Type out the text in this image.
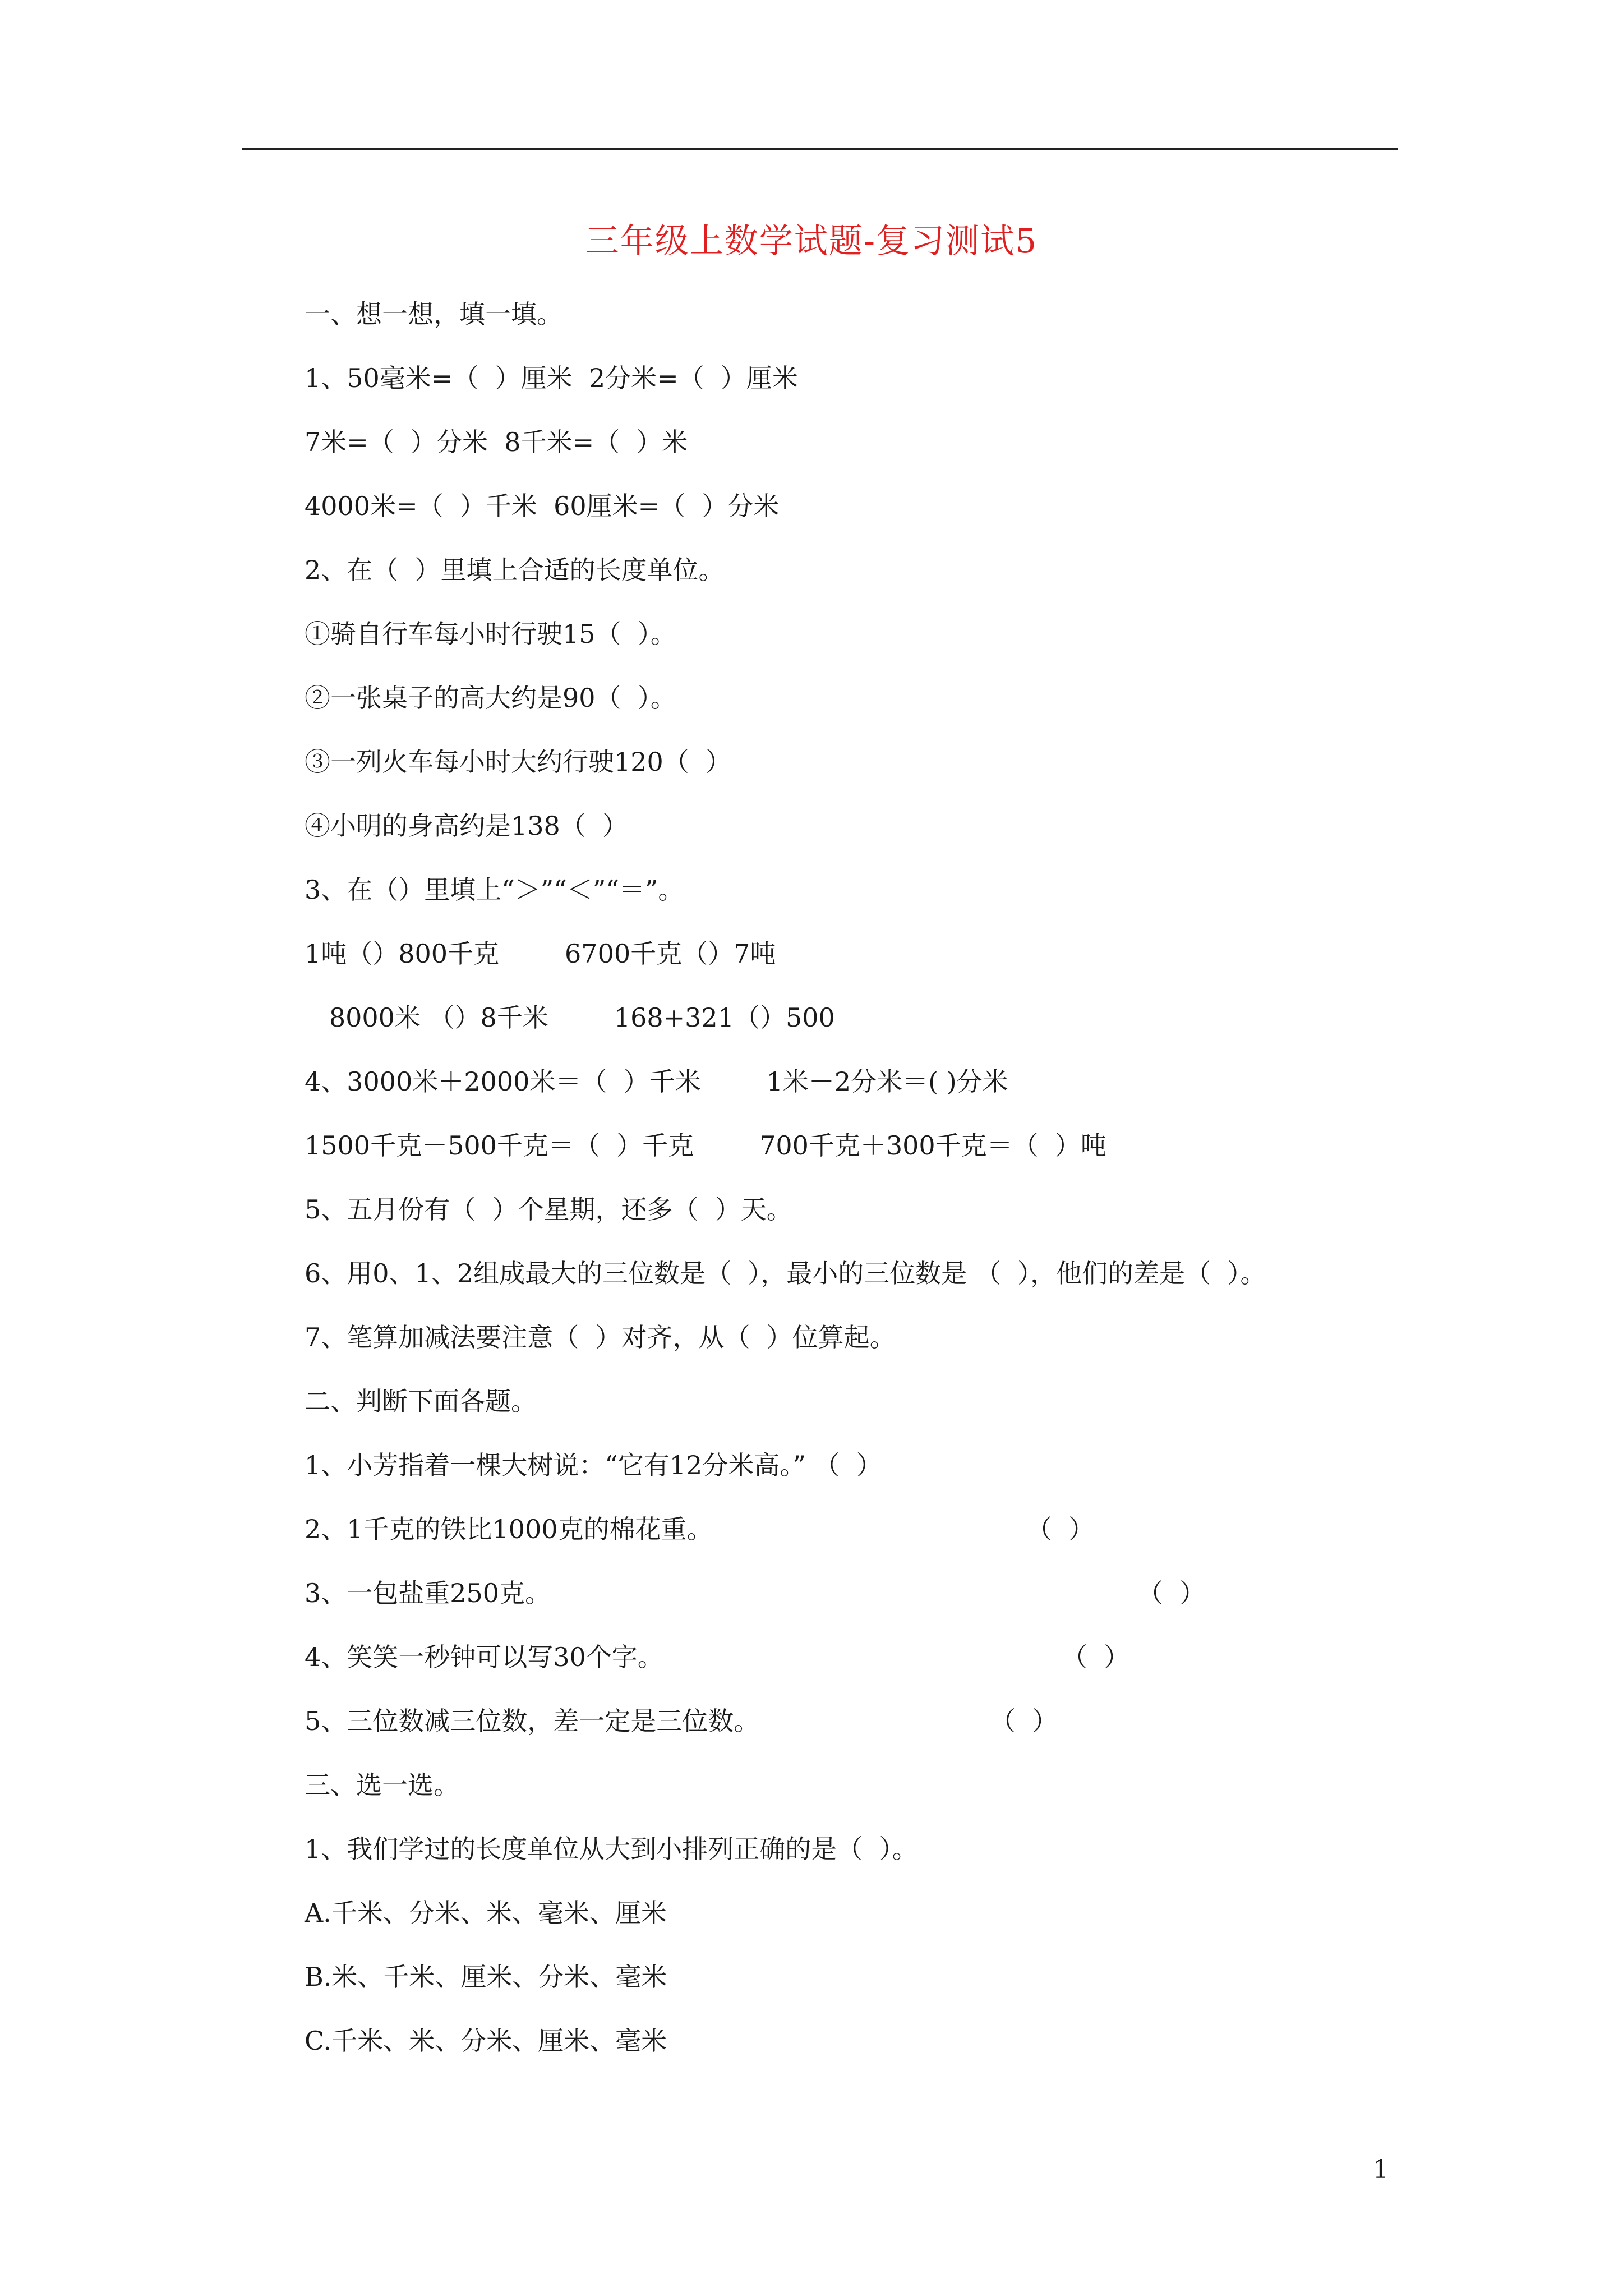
三年级上数学试题-复习测试5
一、想一想，填一填。
1、50毫米=（  ）厘米  2分米=（  ）厘米
7米=（  ）分米  8千米=（  ）米
4000米=（  ）千米  60厘米=（  ）分米
2、在（  ）里填上合适的长度单位。
①骑自行车每小时行驶15（  ）。
②一张桌子的高大约是90（  ）。
③一列火车每小时大约行驶120（  ）
④小明的身高约是138（  ）
3、在（）里填上“＞”“＜”“＝”。
1吨（）800千克        6700千克（）7吨
8000米 （）8千米        168+321（）500
4、3000米＋2000米＝（  ）千米        1米－2分米＝( )分米
1500千克－500千克＝（  ）千克        700千克＋300千克＝（  ）吨
5、五月份有（  ）个星期，还多（  ）天。
6、用0、1、2组成最大的三位数是（  ），最小的三位数是 （  ），他们的差是（  ）。
7、笔算加减法要注意（  ）对齐，从（  ）位算起。
二、判断下面各题。
1、小芳指着一棵大树说：“它有12分米高。” （  ）
2、1千克的铁比1000克的棉花重。	（  ）
3、一包盐重250克。	（  ）
4、笑笑一秒钟可以写30个字。	（  ）
5、三位数减三位数，差一定是三位数。	（  ）
三、选一选。
1、我们学过的长度单位从大到小排列正确的是（  ）。
A.千米、分米、米、毫米、厘米
B.米、千米、厘米、分米、毫米
C.千米、米、分米、厘米、毫米
1
